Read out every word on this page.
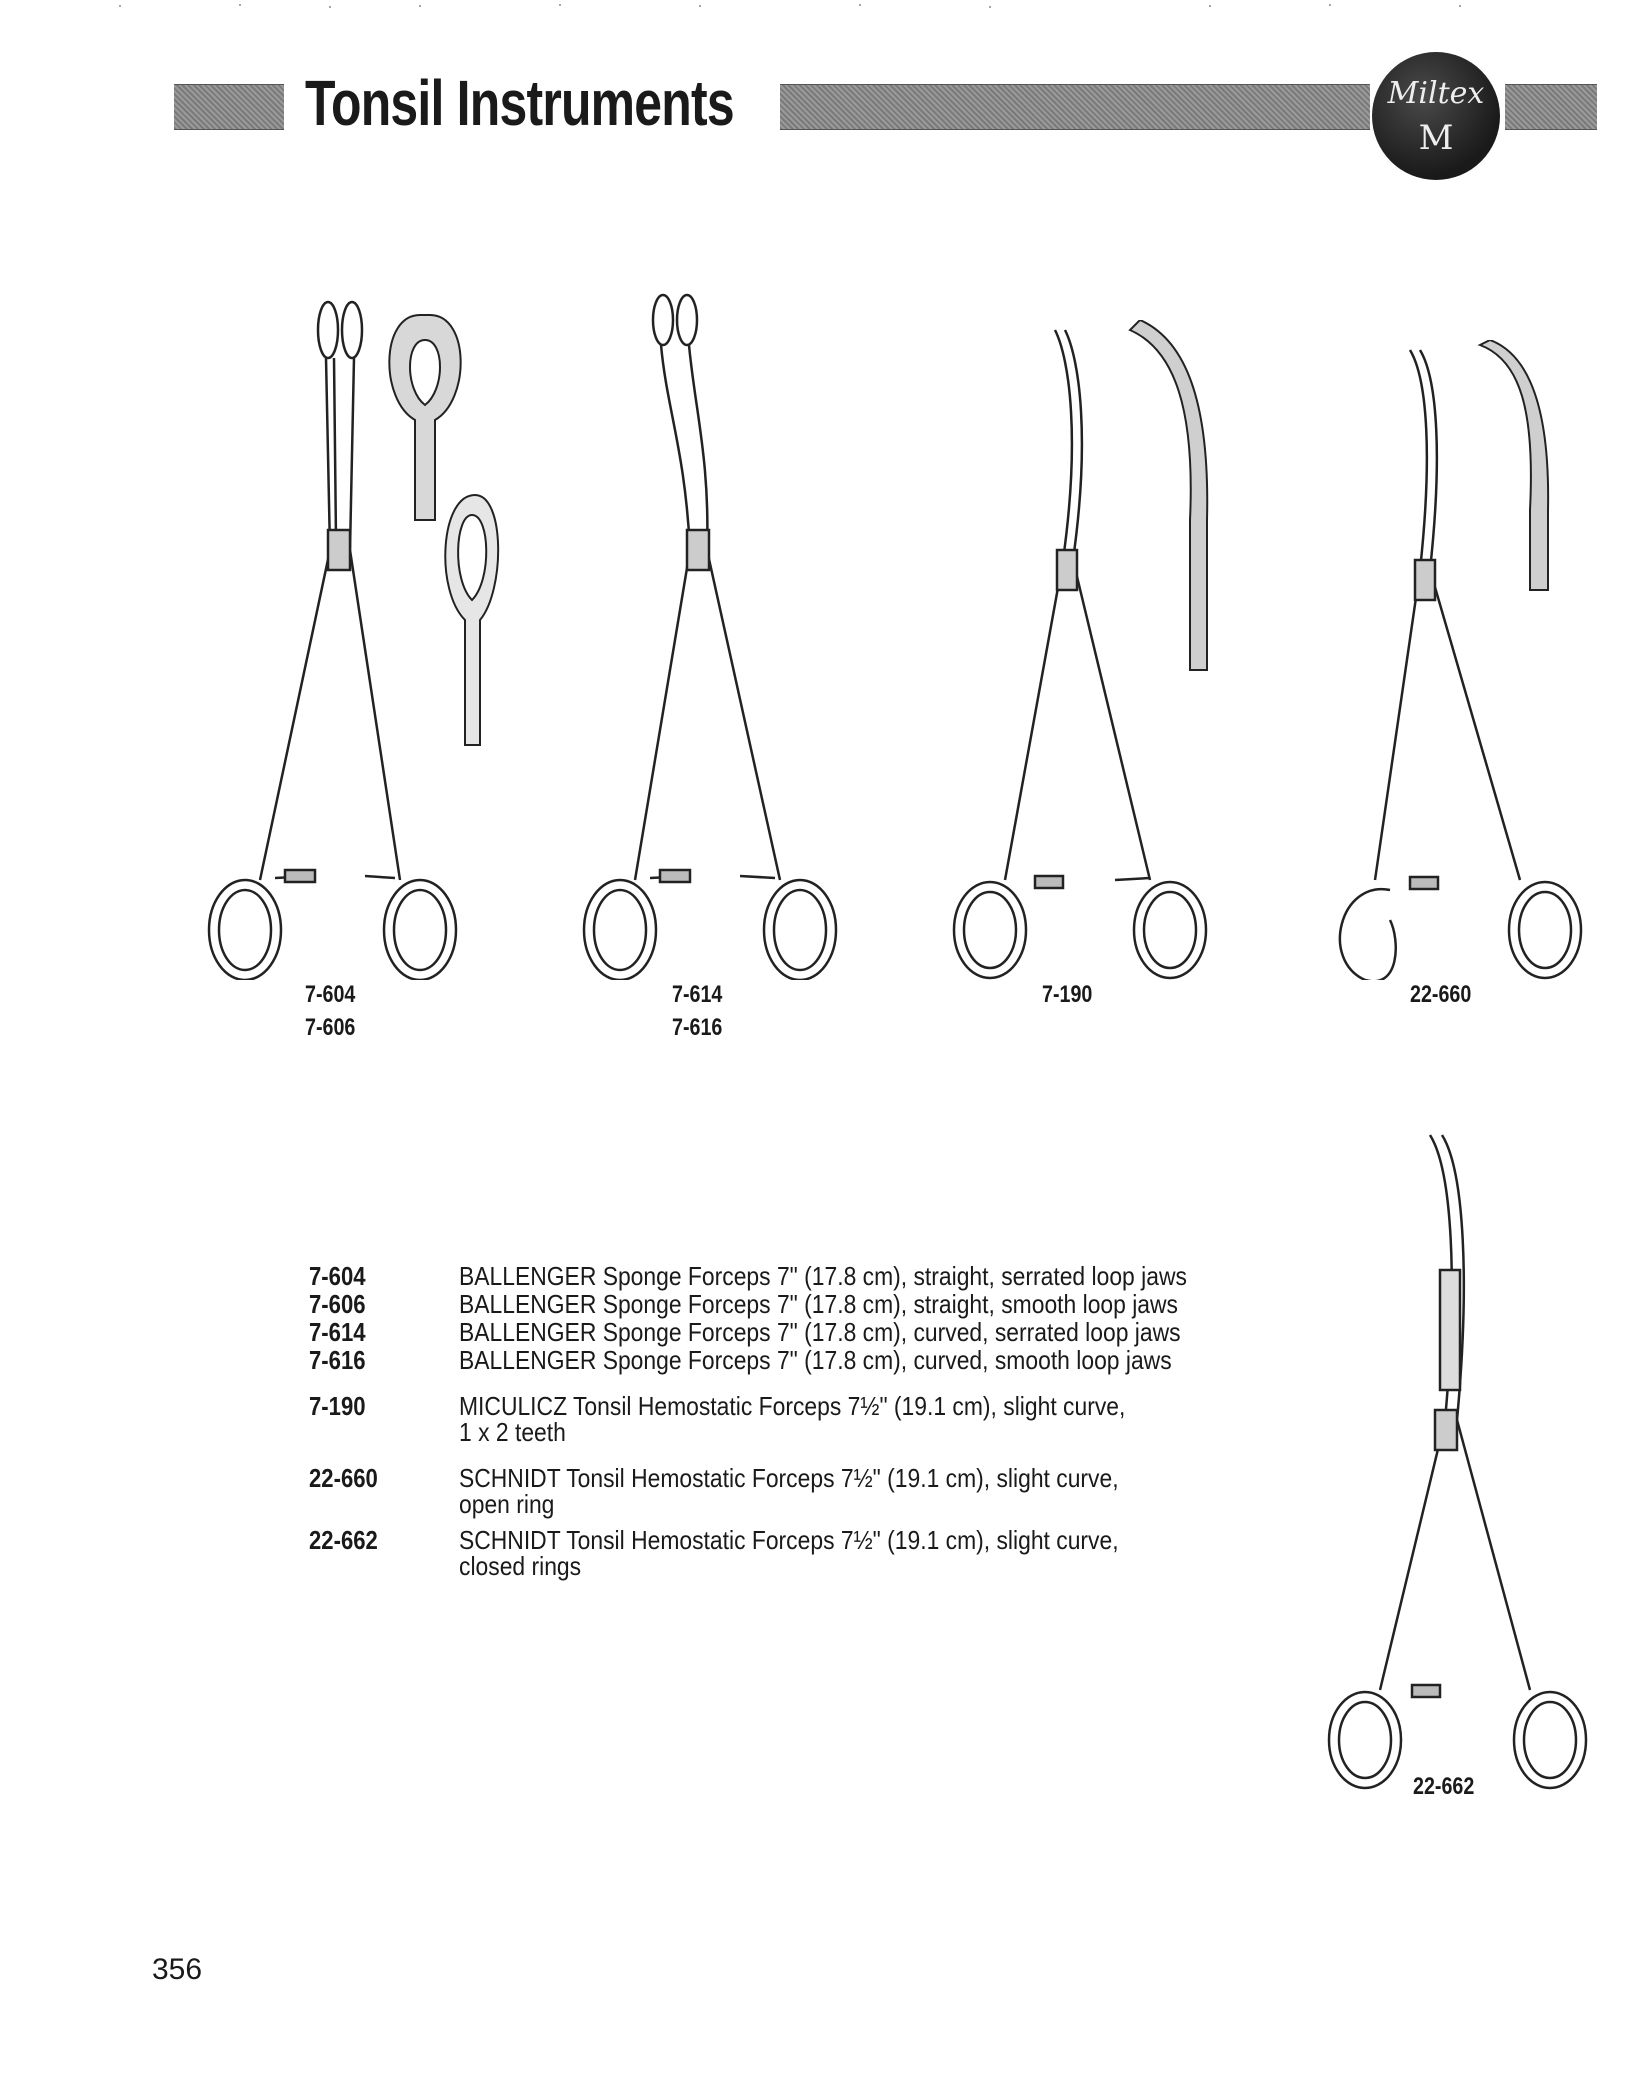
Tonsil Instruments	Miltex
M
7-604
7-606
7-614
7-616
7-190	22-660
22-662
7-604	BALLENGER Sponge Forceps 7" (17.8 cm), straight, serrated loop jaws
7-606	BALLENGER Sponge Forceps 7" (17.8 cm), straight, smooth loop jaws
7-614	BALLENGER Sponge Forceps 7" (17.8 cm), curved, serrated loop jaws
7-616	BALLENGER Sponge Forceps 7" (17.8 cm), curved, smooth loop jaws
7-190	MICULICZ Tonsil Hemostatic Forceps 7½" (19.1 cm), slight curve,
1 x 2 teeth
22-660	SCHNIDT Tonsil Hemostatic Forceps 7½" (19.1 cm), slight curve,
open ring
22-662	SCHNIDT Tonsil Hemostatic Forceps 7½" (19.1 cm), slight curve,
closed rings
356
